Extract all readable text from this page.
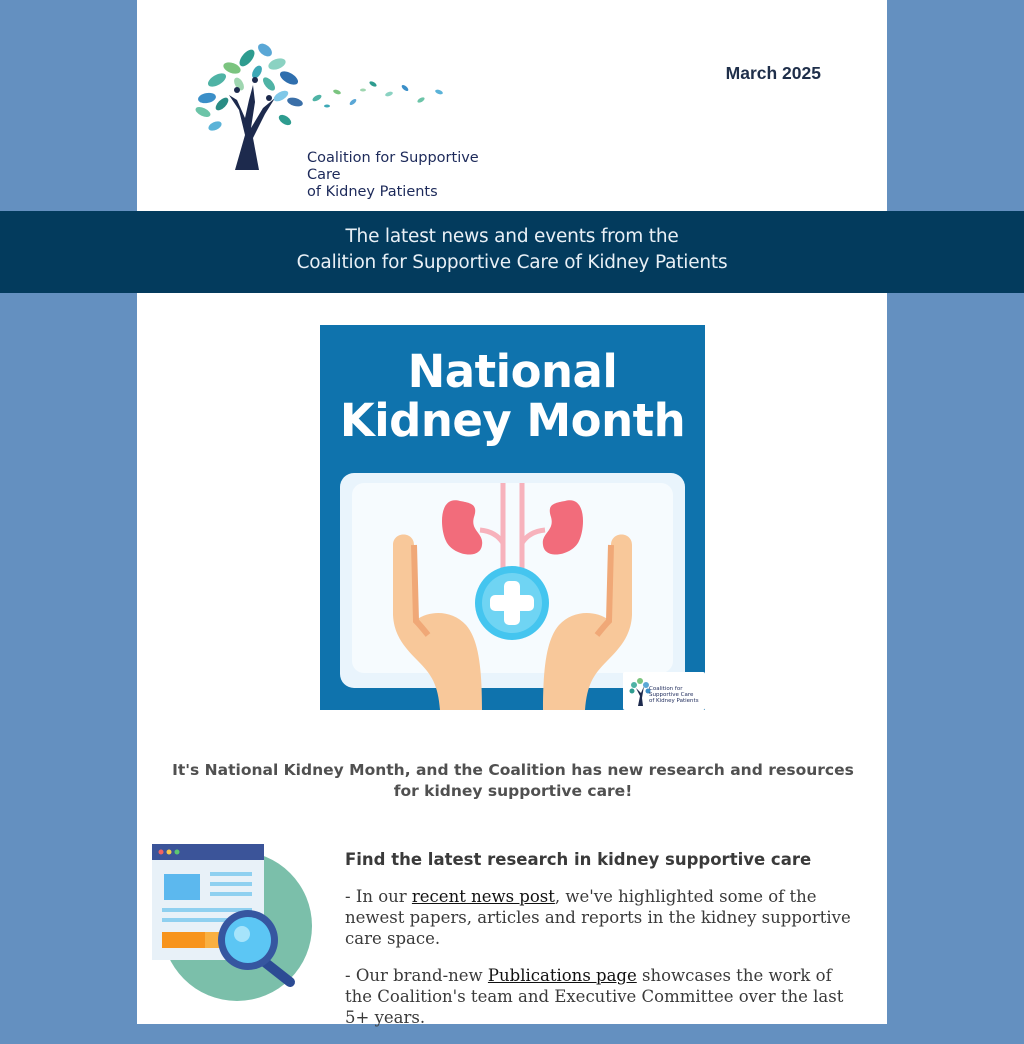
Coalition for Supportive Care
of Kidney Patients
March 2025
National
Kidney Month
Coalition for Supportive Care
of Kidney Patients
The latest news and events from the
Coalition for Supportive Care of Kidney Patients
It's National Kidney Month, and the Coalition has new research and resources for kidney supportive care!
Find the latest research in kidney supportive care
- In our recent news post, we've highlighted some of the newest papers, articles and reports in the kidney supportive care space.
- Our brand-new Publications page showcases the work of the Coalition's team and Executive Committee over the last 5+ years.
